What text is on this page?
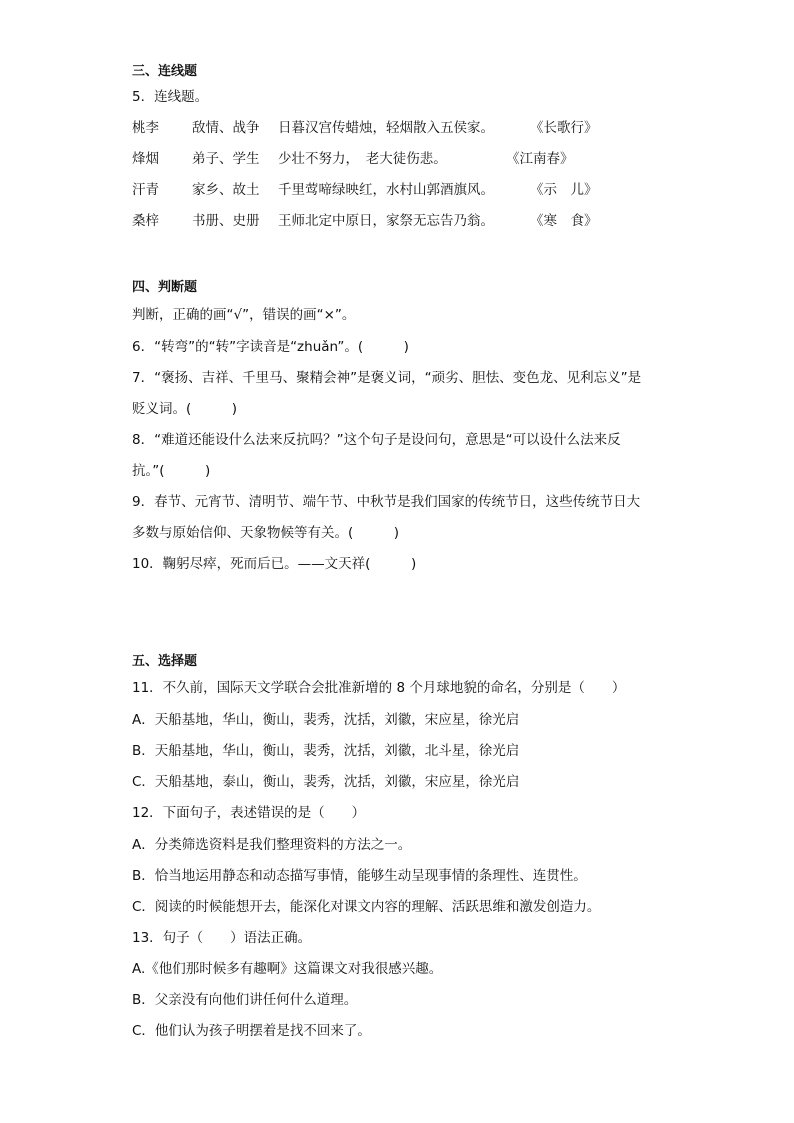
三、连线题
5．连线题。
桃李 敌情、战争 日暮汉宫传蜡烛，轻烟散入五侯家。	《长歌行》
烽烟 弟子、学生 少壮不努力，　老大徒伤悲。	《江南春》
汗青 家乡、故土 千里莺啼绿映红，水村山郭酒旗风。	《示　儿》
桑梓 书册、史册 王师北定中原日，家祭无忘告乃翁。	《寒　食》
四、判断题
判断，正确的画“√”，错误的画“×”。
6．“转弯”的“转”字读音是“zhuǎn”。(　　　)
7．“褒扬、吉祥、千里马、聚精会神”是褒义词，“顽劣、胆怯、变色龙、见利忘义”是
贬义词。(　　　)
8．“难道还能设什么法来反抗吗？”这个句子是设问句，意思是“可以设什么法来反
抗。”(　　　)
9．春节、元宵节、清明节、端午节、中秋节是我们国家的传统节日，这些传统节日大
多数与原始信仰、天象物候等有关。(　　　)
10．鞠躬尽瘁，死而后已。——文天祥(　　　)
五、选择题
11．不久前，国际天文学联合会批准新增的 8 个月球地貌的命名，分别是（　　）
A．天船基地，华山，衡山，裴秀，沈括，刘徽，宋应星，徐光启
B．天船基地，华山，衡山，裴秀，沈括，刘徽，北斗星，徐光启
C．天船基地，泰山，衡山，裴秀，沈括，刘徽，宋应星，徐光启
12．下面句子，表述错误的是（　　）
A．分类筛选资料是我们整理资料的方法之一。
B．恰当地运用静态和动态描写事情，能够生动呈现事情的条理性、连贯性。
C．阅读的时候能想开去，能深化对课文内容的理解、活跃思维和激发创造力。
13．句子（　　）语法正确。
A.《他们那时候多有趣啊》这篇课文对我很感兴趣。
B．父亲没有向他们讲任何什么道理。
C．他们认为孩子明摆着是找不回来了。
